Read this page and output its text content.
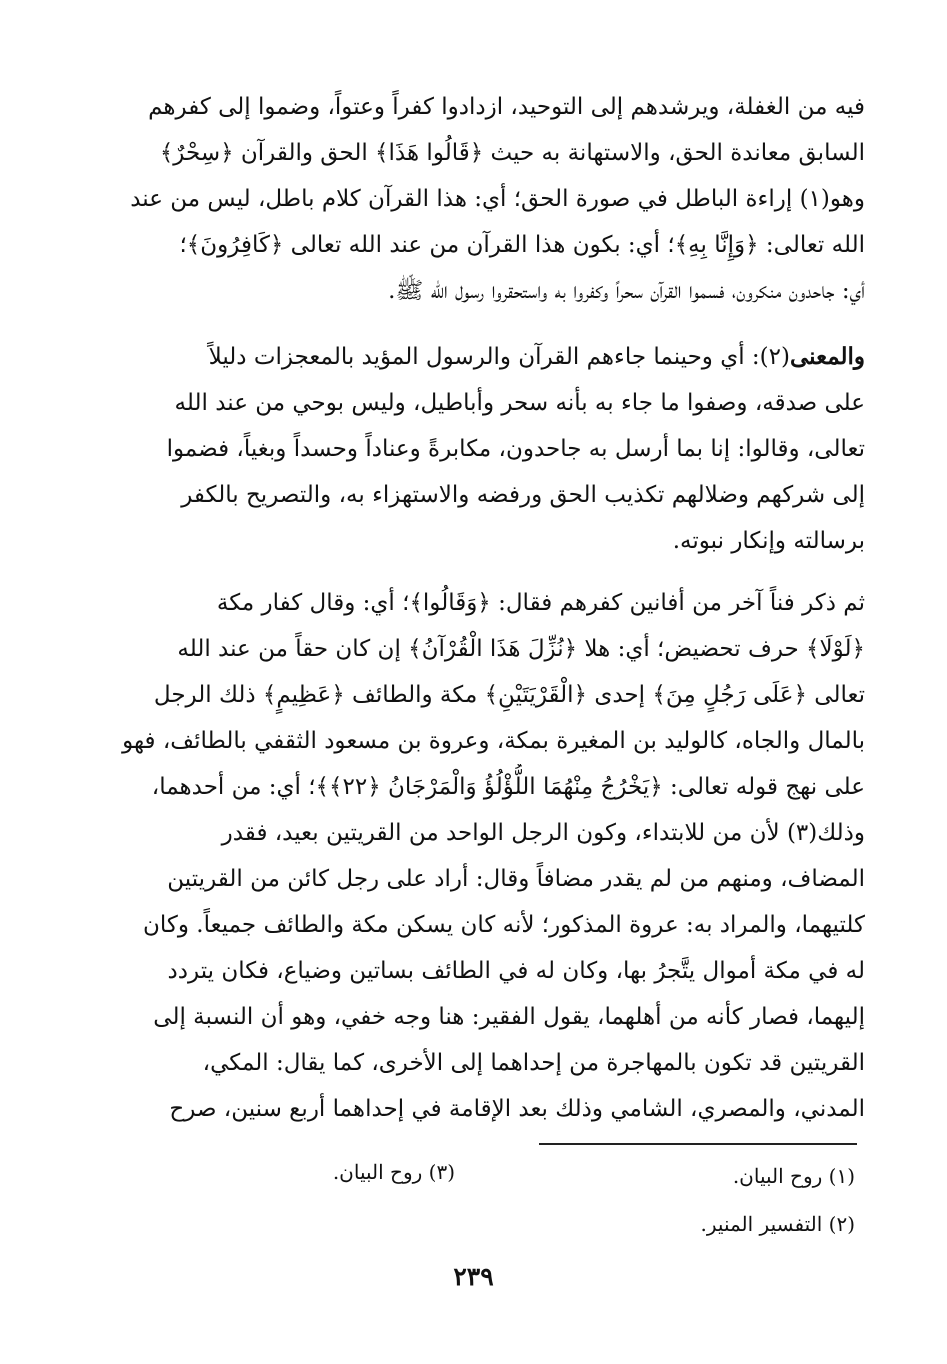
فيه من الغفلة، ويرشدهم إلى التوحيد، ازدادوا كفراً وعتواً، وضموا إلى كفرهم
السابق معاندة الحق، والاستهانة به حيث ﴿قَالُوا هَذَا﴾ الحق والقرآن ﴿سِحْرٌ﴾
وهو(١) إراءة الباطل في صورة الحق؛ أي: هذا القرآن كلام باطل، ليس من عند
الله تعالى: ﴿وَإِنَّا بِهِ﴾؛ أي: بكون هذا القرآن من عند الله تعالى ﴿كَافِرُونَ﴾؛
أي: جاحدون منكرون، فسموا القرآن سحراً وكفروا به واستحقروا رسول الله ﷺ.
والمعنى(٢): أي وحينما جاءهم القرآن والرسول المؤيد بالمعجزات دليلاً
على صدقه، وصفوا ما جاء به بأنه سحر وأباطيل، وليس بوحي من عند الله
تعالى، وقالوا: إنا بما أرسل به جاحدون، مكابرةً وعناداً وحسداً وبغياً، فضموا
إلى شركهم وضلالهم تكذيب الحق ورفضه والاستهزاء به، والتصريح بالكفر
برسالته وإنكار نبوته.
ثم ذكر فناً آخر من أفانين كفرهم فقال: ﴿وَقَالُوا﴾؛ أي: وقال كفار مكة
﴿لَوْلَا﴾ حرف تحضيض؛ أي: هلا ﴿نُزِّلَ هَذَا الْقُرْآنُ﴾ إن كان حقاً من عند الله
تعالى ﴿عَلَى رَجُلٍ مِنَ﴾ إحدى ﴿الْقَرْيَتَيْنِ﴾ مكة والطائف ﴿عَظِيمٍ﴾ ذلك الرجل
بالمال والجاه، كالوليد بن المغيرة بمكة، وعروة بن مسعود الثقفي بالطائف، فهو
على نهج قوله تعالى: ﴿يَخْرُجُ مِنْهُمَا اللُّؤْلُؤُ وَالْمَرْجَانُ ﴿٢٢﴾﴾؛ أي: من أحدهما،
وذلك(٣) لأن من للابتداء، وكون الرجل الواحد من القريتين بعيد، فقدر
المضاف، ومنهم من لم يقدر مضافاً وقال: أراد على رجل كائن من القريتين
كلتيهما، والمراد به: عروة المذكور؛ لأنه كان يسكن مكة والطائف جميعاً. وكان
له في مكة أموال يتَّجرُ بها، وكان له في الطائف بساتين وضياع، فكان يتردد
إليهما، فصار كأنه من أهلهما، يقول الفقير: هنا وجه خفي، وهو أن النسبة إلى
القريتين قد تكون بالمهاجرة من إحداهما إلى الأخرى، كما يقال: المكي،
المدني، والمصري، الشامي وذلك بعد الإقامة في إحداهما أربع سنين، صرح
(١) روح البيان.
(٣) روح البيان.
(٢) التفسير المنير.
٢٣٩
